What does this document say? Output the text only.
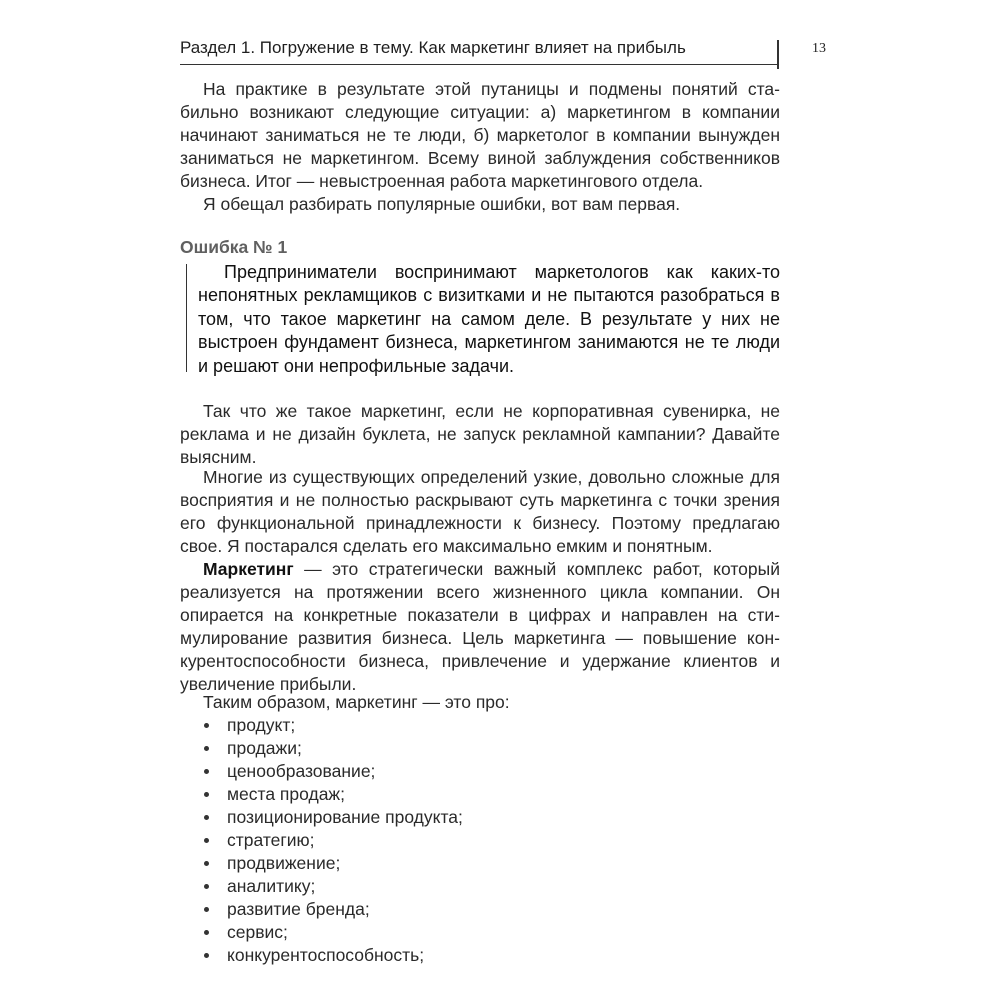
Раздел 1. Погружение в тему. Как маркетинг влияет на прибыль	13

На практике в результате этой путаницы и подмены понятий стабильно возникают следующие ситуации: а) маркетингом в компании начинают заниматься не те люди, б) маркетолог в компании вынужден заниматься не маркетингом. Всему виной заблуждения собственников бизнеса. Итог — невыстроенная работа маркетингового отдела.

Я обещал разбирать популярные ошибки, вот вам первая.

Ошибка № 1

Предприниматели воспринимают маркетологов как каких-то непонятных рекламщиков с визитками и не пытаются разобраться в том, что такое маркетинг на самом деле. В результате у них не выстроен фундамент бизнеса, маркетингом занимаются не те люди и решают они непрофильные задачи.

Так что же такое маркетинг, если не корпоративная сувенирка, не реклама и не дизайн буклета, не запуск рекламной кампании? Давайте выясним.

Многие из существующих определений узкие, довольно сложные для восприятия и не полностью раскрывают суть маркетинга с точки зрения его функциональной принадлежности к бизнесу. Поэтому предлагаю свое. Я постарался сделать его максимально емким и понятным.

Маркетинг — это стратегически важный комплекс работ, который реализуется на протяжении всего жизненного цикла компании. Он опирается на конкретные показатели в цифрах и направлен на стимулирование развития бизнеса. Цель маркетинга — повышение конкурентоспособности бизнеса, привлечение и удержание клиентов и увеличение прибыли.

Таким образом, маркетинг — это про:

продукт;
продажи;
ценообразование;
места продаж;
позиционирование продукта;
стратегию;
продвижение;
аналитику;
развитие бренда;
сервис;
конкурентоспособность;
